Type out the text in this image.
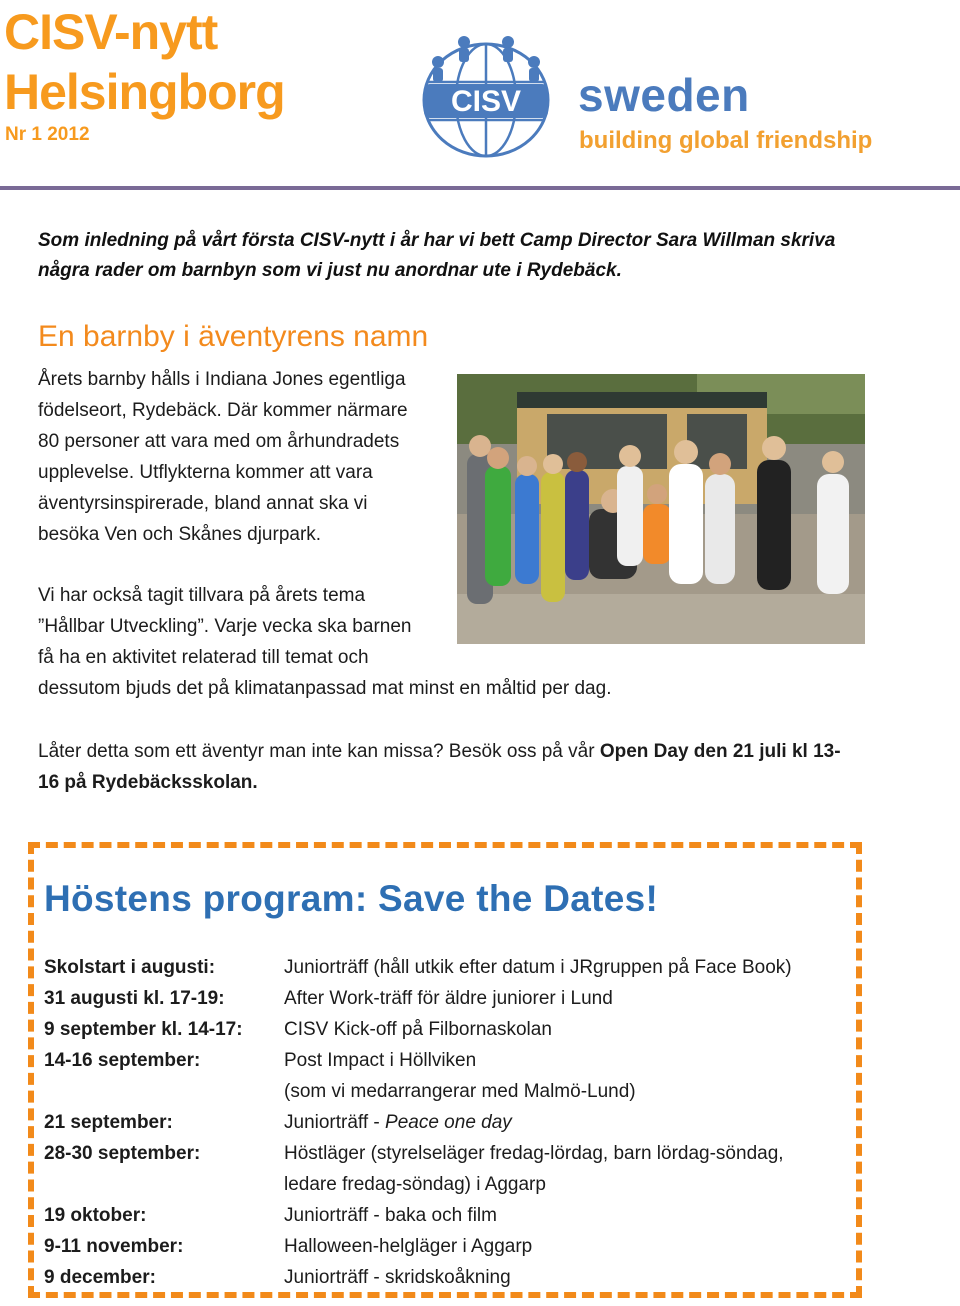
CISV-nytt
Helsingborg
Nr 1 2012
CISV sweden
building global friendship

Som inledning på vårt första CISV-nytt i år har vi bett Camp Director Sara Willman skriva

några rader om barnbyn som vi just nu anordnar ute i Rydebäck.

En barnby i äventyrens namn

Årets barnby hålls i Indiana Jones egentliga

födelseort, Rydebäck. Där kommer närmare

80 personer att vara med om århundradets

upplevelse. Utflykterna kommer att vara

äventyrsinspirerade, bland annat ska vi

besöka Ven och Skånes djurpark.

Vi har också tagit tillvara på årets tema

”Hållbar Utveckling”. Varje vecka ska barnen

få ha en aktivitet relaterad till temat och

dessutom bjuds det på klimatanpassad mat minst en måltid per dag.

Låter detta som ett äventyr man inte kan missa? Besök oss på vår Open Day den 21 juli kl 13-

16 på Rydebäcksskolan.

Höstens program: Save the Dates!
Skolstart i augusti:	Juniorträff (håll utkik efter datum i JRgruppen på Face Book)
31 augusti kl. 17-19:	After Work-träff för äldre juniorer i Lund
9 september kl. 14-17:	CISV Kick-off på Filbornaskolan
14-16 september:	Post Impact i Höllviken
	(som vi medarrangerar med Malmö-Lund)
21 september:	Juniorträff - Peace one day
28-30 september:	Höstläger (styrelseläger fredag-lördag, barn lördag-söndag,
	ledare fredag-söndag) i Aggarp
19 oktober:	Juniorträff - baka och film
9-11 november:	Halloween-helgläger i Aggarp
9 december:	Juniorträff - skridskoåkning
